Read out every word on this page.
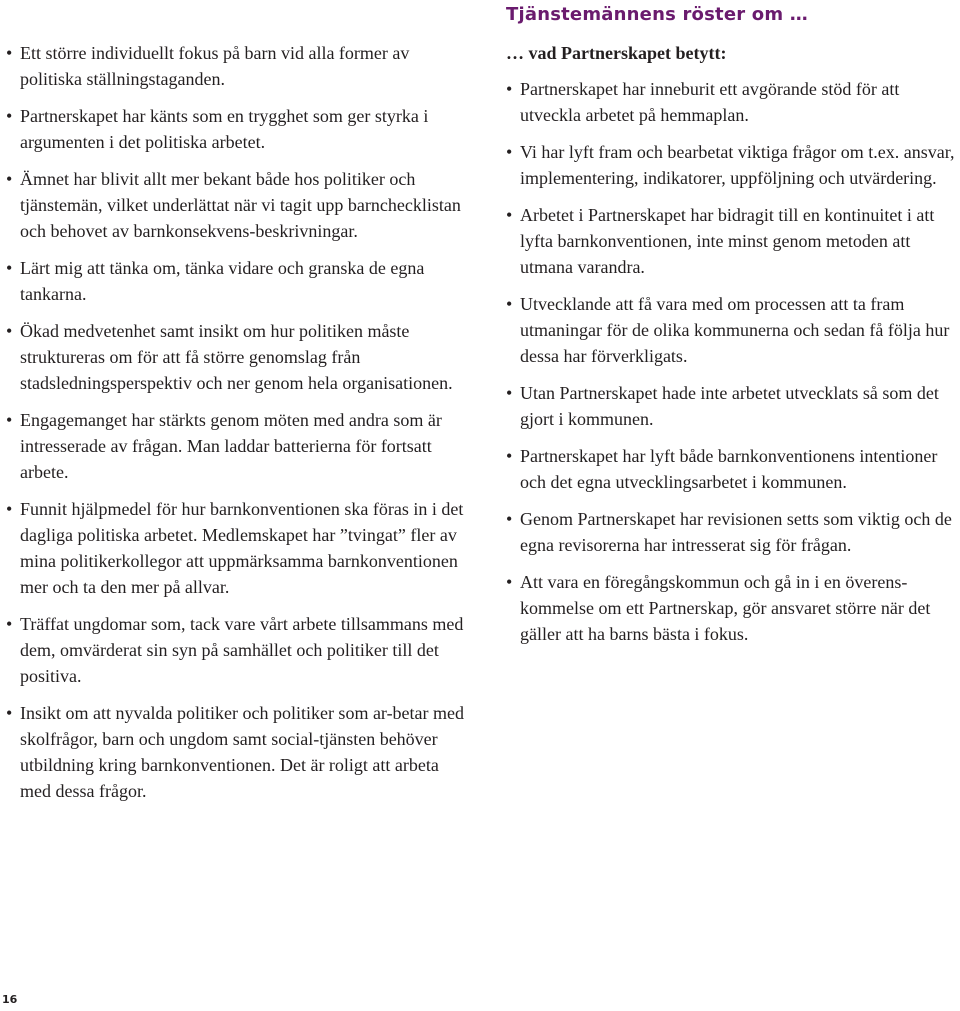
• Ett större individuellt fokus på barn vid alla former av politiska ställningstaganden.
• Partnerskapet har känts som en trygghet som ger styrka i argumenten i det politiska arbetet.
• Ämnet har blivit allt mer bekant både hos politiker och tjänstemän, vilket underlättat när vi tagit upp barnchecklistan och behovet av barnkonsekvens-beskrivningar.
• Lärt mig att tänka om, tänka vidare och granska de egna tankarna.
• Ökad medvetenhet samt insikt om hur politiken måste struktureras om för att få större genomslag från stadsledningsperspektiv och ner genom hela organisationen.
• Engagemanget har stärkts genom möten med andra som är intresserade av frågan. Man laddar batterierna för fortsatt arbete.
• Funnit hjälpmedel för hur barnkonventionen ska föras in i det dagliga politiska arbetet. Medlemskapet har ”tvingat” fler av mina politikerkollegor att uppmärksamma barnkonventionen mer och ta den mer på allvar.
• Träffat ungdomar som, tack vare vårt arbete tillsammans med dem, omvärderat sin syn på samhället och politiker till det positiva.
• Insikt om att nyvalda politiker och politiker som ar-betar med skolfrågor, barn och ungdom samt social-tjänsten behöver utbildning kring barnkonventionen. Det är roligt att arbeta med dessa frågor.
Tjänstemännens röster om …
… vad Partnerskapet betytt:
• Partnerskapet har inneburit ett avgörande stöd för att utveckla arbetet på hemmaplan.
• Vi har lyft fram och bearbetat viktiga frågor om t.ex. ansvar, implementering, indikatorer, uppföljning och utvärdering.
• Arbetet i Partnerskapet har bidragit till en kontinuitet i att lyfta barnkonventionen, inte minst genom metoden att utmana varandra.
• Utvecklande att få vara med om processen att ta fram utmaningar för de olika kommunerna och sedan få följa hur dessa har förverkligats.
• Utan Partnerskapet hade inte arbetet utvecklats så som det gjort i kommunen.
• Partnerskapet har lyft både barnkonventionens intentioner och det egna utvecklingsarbetet i kommunen.
• Genom Partnerskapet har revisionen setts som viktig och de egna revisorerna har intresserat sig för frågan.
• Att vara en föregångskommun och gå in i en överens-kommelse om ett Partnerskap, gör ansvaret större när det gäller att ha barns bästa i fokus.
16
